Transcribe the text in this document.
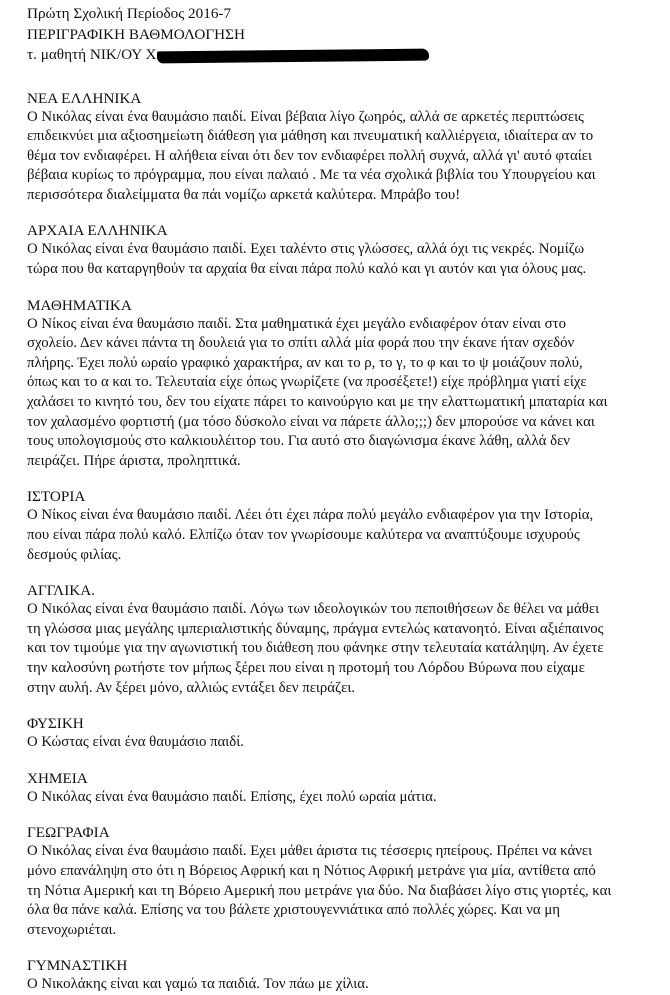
Πρώτη Σχολική Περίοδος 2016-7
ΠΕΡΙΓΡΑΦΙΚΗ ΒΑΘΜΟΛΟΓΗΣΗ
τ. μαθητή ΝΙΚ/ΟΥ Χ
ΝΕΑ ΕΛΛΗΝΙΚΑ

Ο Νικόλας είναι ένα θαυμάσιο παιδί. Είναι βέβαια λίγο ζωηρός, αλλά σε αρκετές περιπτώσεις
επιδεικνύει μια αξιοσημείωτη διάθεση για μάθηση και πνευματική καλλιέργεια, ιδιαίτερα αν το
θέμα τον ενδιαφέρει. Η αλήθεια είναι ότι δεν τον ενδιαφέρει πολλή συχνά, αλλά γι' αυτό φταίει
βέβαια κυρίως το πρόγραμμα, που είναι παλαιό . Με τα νέα σχολικά βιβλία του Υπουργείου και
περισσότερα διαλείμματα θα πάι νομίζω αρκετά καλύτερα. Μπράβο του!

ΑΡΧΑΙΑ ΕΛΛΗΝΙΚΑ

Ο Νικόλας είναι ένα θαυμάσιο παιδί. Εχει ταλέντο στις γλώσσες, αλλά όχι τις νεκρές. Νομίζω
τώρα που θα καταργηθούν τα αρχαία θα είναι πάρα πολύ καλό και γι αυτόν και για όλους μας.

ΜΑΘΗΜΑΤΙΚΑ

Ο Νίκος είναι ένα θαυμάσιο παιδί. Στα μαθηματικά έχει μεγάλο ενδιαφέρον όταν είναι στο
σχολείο. Δεν κάνει πάντα τη δουλειά για το σπίτι αλλά μία φορά που την έκανε ήταν σχεδόν
πλήρης. Έχει πολύ ωραίο γραφικό χαρακτήρα, αν και το ρ, το γ, το φ και το ψ μοιάζουν πολύ,
όπως και το α και το. Τελευταία είχε όπως γνωρίζετε (να προσέξετε!) είχε πρόβλημα γιατί είχε
χαλάσει το κινητό του, δεν του είχατε πάρει το καινούργιο και με την ελαττωματική μπαταρία και
τον χαλασμένο φορτιστή (μα τόσο δύσκολο είναι να πάρετε άλλο;;;) δεν μπορούσε να κάνει και
τους υπολογισμούς στο καλκιουλέιτορ του. Για αυτό στο διαγώνισμα έκανε λάθη, αλλά δεν
πειράζει. Πήρε άριστα, προληπτικά.

ΙΣΤΟΡΙΑ

Ο Νίκος είναι ένα θαυμάσιο παιδί. Λέει ότι έχει πάρα πολύ μεγάλο ενδιαφέρον για την Ιστορία,
που είναι πάρα πολύ καλό. Ελπίζω όταν τον γνωρίσουμε καλύτερα να αναπτύξουμε ισχυρούς
δεσμούς φιλίας.

ΑΓΓΛΙΚΑ.

Ο Νικόλας είναι ένα θαυμάσιο παιδί. Λόγω των ιδεολογικών του πεποιθήσεων δε θέλει να μάθει
τη γλώσσα μιας μεγάλης ιμπεριαλιστικής δύναμης, πράγμα εντελώς κατανοητό. Είναι αξιέπαινος
και τον τιμούμε για την αγωνιστική του διάθεση που φάνηκε στην τελευταία κατάληψη. Αν έχετε
την καλοσύνη ρωτήστε τον μήπως ξέρει που είναι η προτομή του Λόρδου Βύρωνα που είχαμε
στην αυλή. Αν ξέρει μόνο, αλλιώς εντάξει δεν πειράζει.

ΦΥΣΙΚΗ

Ο Κώστας είναι ένα θαυμάσιο παιδί.

ΧΗΜΕΙΑ

Ο Νικόλας είναι ένα θαυμάσιο παιδί. Επίσης, έχει πολύ ωραία μάτια.

ΓΕΩΓΡΑΦΙΑ

Ο Νικόλας είναι ένα θαυμάσιο παιδί. Εχει μάθει άριστα τις τέσσερις ηπείρους. Πρέπει να κάνει
μόνο επανάληψη στο ότι η Βόρειος Αφρική και η Νότιος Αφρική μετράνε για μία, αντίθετα από
τη Νότια Αμερική και τη Βόρειο Αμερική που μετράνε για δύο. Να διαβάσει λίγο στις γιορτές, και
όλα θα πάνε καλά. Επίσης να του βάλετε χριστουγεννιάτικα από πολλές χώρες. Και να μη
στενοχωριέται.

ΓΥΜΝΑΣΤΙΚΗ

Ο Νικολάκης είναι και γαμώ τα παιδιά. Τον πάω με χίλια.
